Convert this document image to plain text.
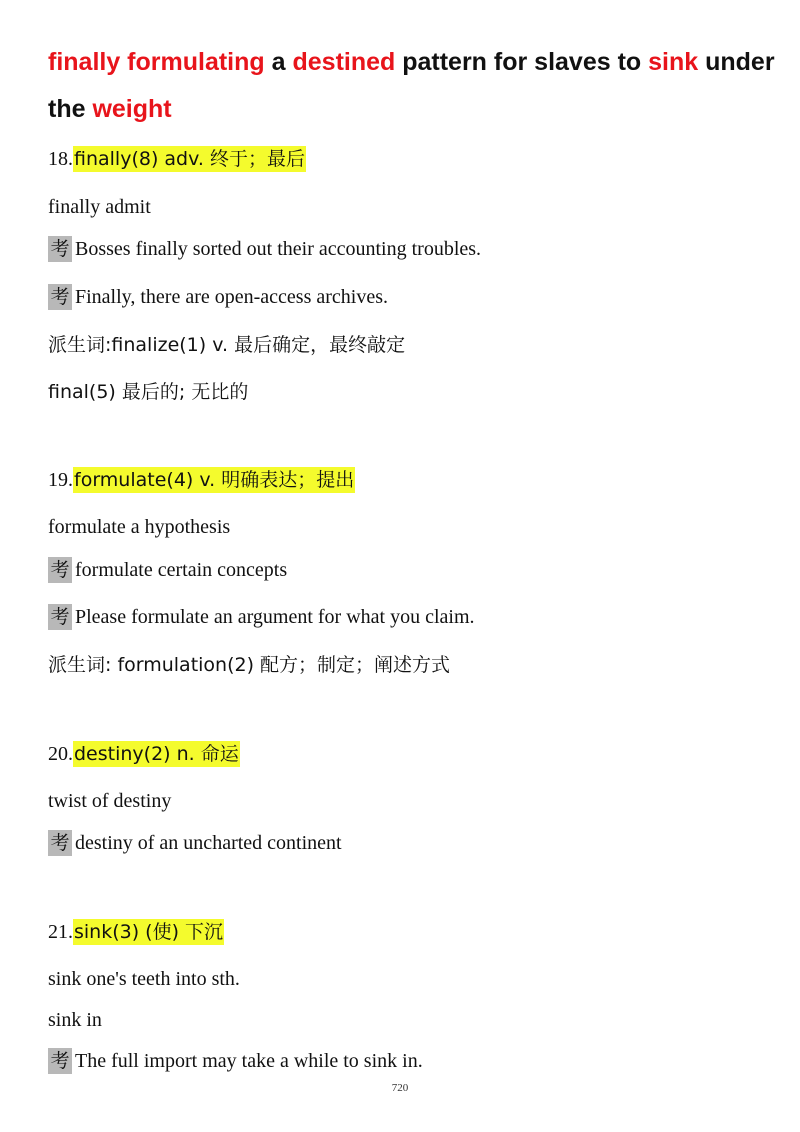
finally formulating a destined pattern for slaves to sink under
the weight
18.finally(8) adv. 终于；最后
finally admit
考 Bosses finally sorted out their accounting troubles.
考 Finally, there are open-access archives.
派生词:finalize(1) v. 最后确定，最终敲定
final(5) 最后的; 无比的
19.formulate(4) v. 明确表达；提出
formulate a hypothesis
考 formulate certain concepts
考 Please formulate an argument for what you claim.
派生词: formulation(2) 配方；制定；阐述方式
20.destiny(2) n. 命运
twist of destiny
考 destiny of an uncharted continent
21.sink(3) (使) 下沉
sink one's teeth into sth.
sink in
考 The full import may take a while to sink in.
720
